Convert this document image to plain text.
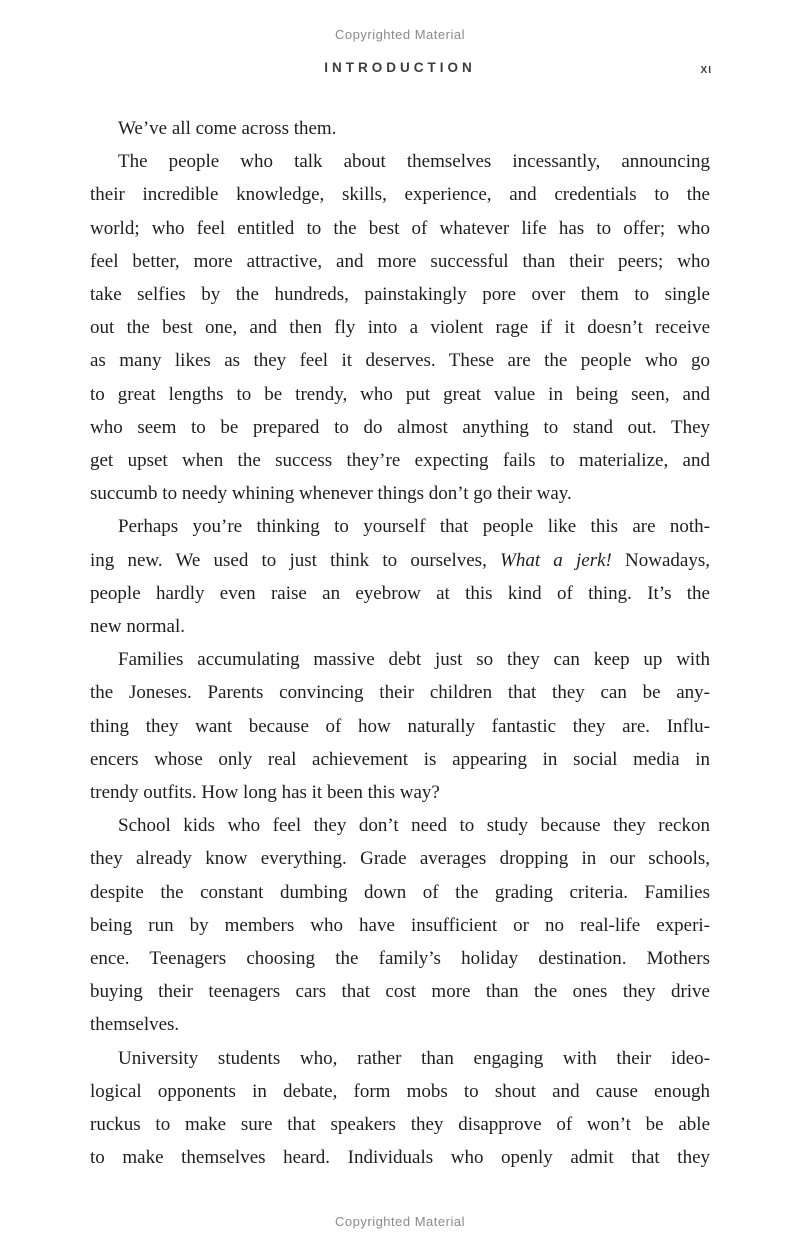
Copyrighted Material
INTRODUCTION	xi
We’ve all come across them.
The people who talk about themselves incessantly, announcing
their incredible knowledge, skills, experience, and credentials to the
world; who feel entitled to the best of whatever life has to offer; who
feel better, more attractive, and more successful than their peers; who
take selfies by the hundreds, painstakingly pore over them to single
out the best one, and then fly into a violent rage if it doesn’t receive
as many likes as they feel it deserves. These are the people who go
to great lengths to be trendy, who put great value in being seen, and
who seem to be prepared to do almost anything to stand out. They
get upset when the success they’re expecting fails to materialize, and
succumb to needy whining whenever things don’t go their way.
Perhaps you’re thinking to yourself that people like this are noth-
ing new. We used to just think to ourselves, What a jerk! Nowadays,
people hardly even raise an eyebrow at this kind of thing. It’s the
new normal.
Families accumulating massive debt just so they can keep up with
the Joneses. Parents convincing their children that they can be any-
thing they want because of how naturally fantastic they are. Influ-
encers whose only real achievement is appearing in social media in
trendy outfits. How long has it been this way?
School kids who feel they don’t need to study because they reckon
they already know everything. Grade averages dropping in our schools,
despite the constant dumbing down of the grading criteria. Families
being run by members who have insufficient or no real-life experi-
ence. Teenagers choosing the family’s holiday destination. Mothers
buying their teenagers cars that cost more than the ones they drive
themselves.
University students who, rather than engaging with their ideo-
logical opponents in debate, form mobs to shout and cause enough
ruckus to make sure that speakers they disapprove of won’t be able
to make themselves heard. Individuals who openly admit that they
Copyrighted Material
